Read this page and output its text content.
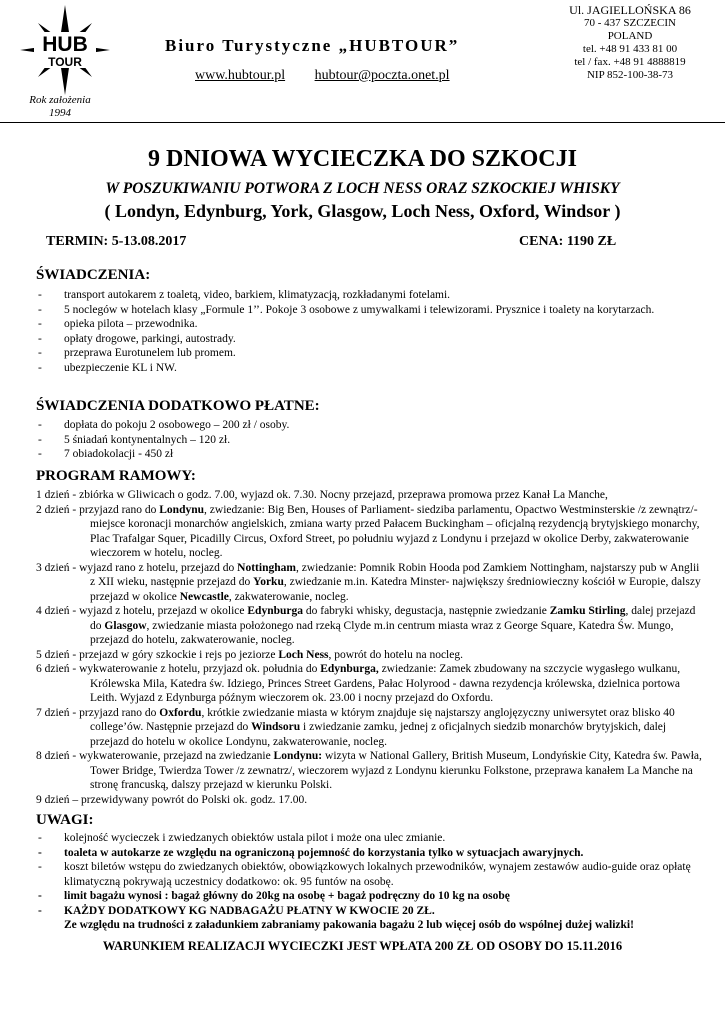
HUB
TOUR
Biuro Turystyczne „HUBTOUR”
www.hubtour.pl hubtour@poczta.onet.pl
Rok założenia
1994
Ul. JAGIELLOŃSKA 86
70 - 437 SZCZECIN
POLAND
tel. +48 91 433 81 00
tel / fax. +48 91 4888819
NIP 852-100-38-73
9 DNIOWA WYCIECZKA DO SZKOCJI
W POSZUKIWANIU POTWORA Z LOCH NESS ORAZ SZKOCKIEJ WHISKY
( Londyn, Edynburg, York, Glasgow, Loch Ness, Oxford, Windsor )
TERMIN: 5-13.08.2017	CENA: 1190 ZŁ
ŚWIADCZENIA:
- transport autokarem z toaletą, video, barkiem, klimatyzacją, rozkładanymi fotelami.
- 5 noclegów w hotelach klasy „Formule 1’’. Pokoje 3 osobowe z umywalkami i telewizorami. Prysznice i toalety na korytarzach.
- opieka pilota – przewodnika.
- opłaty drogowe, parkingi, autostrady.
- przeprawa Eurotunelem lub promem.
- ubezpieczenie KL i NW.
ŚWIADCZENIA DODATKOWO PŁATNE:
- dopłata do pokoju 2 osobowego – 200 zł / osoby.
- 5 śniadań kontynentalnych – 120 zł.
- 7 obiadokolacji - 450 zł
PROGRAM RAMOWY:
1 dzień - zbiórka w Gliwicach o godz. 7.00, wyjazd ok. 7.30. Nocny przejazd, przeprawa promowa przez Kanał La Manche,
2 dzień - przyjazd rano do Londynu, zwiedzanie: Big Ben, Houses of Parliament- siedziba parlamentu, Opactwo Westminsterskie /z zewnątrz/- miejsce koronacji monarchów angielskich, zmiana warty przed Pałacem Buckingham – oficjalną rezydencją brytyjskiego monarchy, Plac Trafalgar Squer, Picadilly Circus, Oxford Street, po południu wyjazd z Londynu i przejazd w okolice Derby, zakwaterowanie wieczorem w hotelu, nocleg.
3 dzień - wyjazd rano z hotelu, przejazd do Nottingham, zwiedzanie: Pomnik Robin Hooda pod Zamkiem Nottingham, najstarszy pub w Anglii z XII wieku, następnie przejazd do Yorku, zwiedzanie m.in. Katedra Minster- największy średniowieczny kościół w Europie, dalszy przejazd w okolice Newcastle, zakwaterowanie, nocleg.
4 dzień - wyjazd z hotelu, przejazd w okolice Edynburga do fabryki whisky, degustacja, następnie zwiedzanie Zamku Stirling, dalej przejazd do Glasgow, zwiedzanie miasta położonego nad rzeką Clyde m.in centrum miasta wraz z George Square, Katedra Św. Mungo, przejazd do hotelu, zakwaterowanie, nocleg.
5 dzień - przejazd w góry szkockie i rejs po jeziorze Loch Ness, powrót do hotelu na nocleg.
6 dzień - wykwaterowanie z hotelu, przyjazd ok. południa do Edynburga, zwiedzanie: Zamek zbudowany na szczycie wygasłego wulkanu, Królewska Mila, Katedra św. Idziego, Princes Street Gardens, Pałac Holyrood - dawna rezydencja królewska, dzielnica portowa Leith. Wyjazd z Edynburga późnym wieczorem ok. 23.00 i nocny przejazd do Oxfordu.
7 dzień - przyjazd rano do Oxfordu, krótkie zwiedzanie miasta w którym znajduje się najstarszy anglojęzyczny uniwersytet oraz blisko 40 college’ów. Następnie przejazd do Windsoru i zwiedzanie zamku, jednej z oficjalnych siedzib monarchów brytyjskich, dalej przejazd do hotelu w okolice Londynu, zakwaterowanie, nocleg.
8 dzień - wykwaterowanie, przejazd na zwiedzanie Londynu: wizyta w National Gallery, British Museum, Londyńskie City, Katedra św. Pawła, Tower Bridge, Twierdza Tower /z zewnatrz/, wieczorem wyjazd z Londynu kierunku Folkstone, przeprawa kanałem La Manche na stronę francuską, dalszy przejazd w kierunku Polski.
9 dzień – przewidywany powrót do Polski ok. godz. 17.00.
UWAGI:
- kolejność wycieczek i zwiedzanych obiektów ustala pilot i może ona ulec zmianie.
- toaleta w autokarze ze względu na ograniczoną pojemność do korzystania tylko w sytuacjach awaryjnych.
- koszt biletów wstępu do zwiedzanych obiektów, obowiązkowych lokalnych przewodników, wynajem zestawów audio-guide oraz opłatę klimatyczną pokrywają uczestnicy dodatkowo: ok. 95 funtów na osobę.
- limit bagażu wynosi : bagaż główny do 20kg na osobę + bagaż podręczny do 10 kg na osobę
- KAŻDY DODATKOWY KG NADBAGAŻU PŁATNY W KWOCIE 20 ZŁ.
Ze względu na trudności z załadunkiem zabraniamy pakowania bagażu 2 lub więcej osób do wspólnej dużej walizki!
WARUNKIEM REALIZACJI WYCIECZKI JEST WPŁATA 200 ZŁ OD OSOBY DO 15.11.2016
